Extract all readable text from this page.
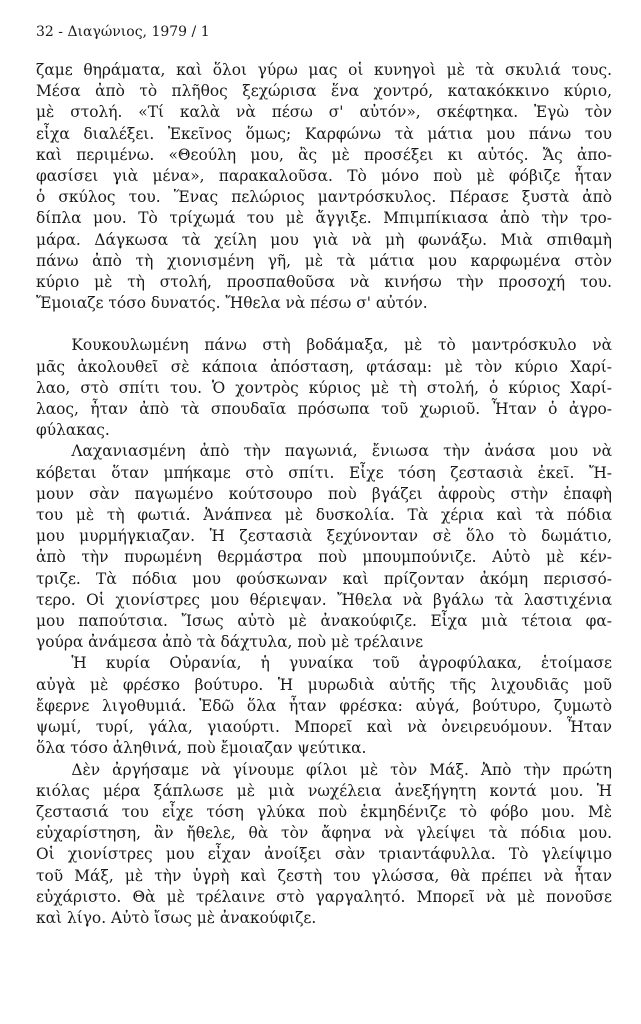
32 - Διαγώνιος, 1979 / 1
ζαμε θηράματα, καὶ ὅλοι γύρω μας οἱ κυνηγοὶ μὲ τὰ σκυλιά τους.
Μέσα ἀπὸ τὸ πλῆθος ξεχώρισα ἕνα χοντρό, κατακόκκινο κύριο,
μὲ στολή. «Τί καλὰ νὰ πέσω σ' αὐτόν», σκέφτηκα. Ἐγὼ τὸν
εἶχα διαλέξει. Ἐκεῖνος ὅμως; Καρφώνω τὰ μάτια μου πάνω του
καὶ περιμένω. «Θεούλη μου, ἂς μὲ προσέξει κι αὐτός. Ἄς ἀπο-
φασίσει γιὰ μένα», παρακαλοῦσα. Τὸ μόνο ποὺ μὲ φόβιζε ἦταν
ὁ σκύλος του. Ἕνας πελώριος μαντρόσκυλος. Πέρασε ξυστὰ ἀπὸ
δίπλα μου. Τὸ τρίχωμά του μὲ ἄγγιξε. Μπιμπίκιασα ἀπὸ τὴν τρο-
μάρα. Δάγκωσα τὰ χείλη μου γιὰ νὰ μὴ φωνάξω. Μιὰ σπιθαμὴ
πάνω ἀπὸ τὴ χιονισμένη γῆ, μὲ τὰ μάτια μου καρφωμένα στὸν
κύριο μὲ τὴ στολή, προσπαθοῦσα νὰ κινήσω τὴν προσοχή του.
Ἔμοιαζε τόσο δυνατός. Ἤθελα νὰ πέσω σ' αὐτόν.
Κουκουλωμένη πάνω στὴ βοδάμαξα, μὲ τὸ μαντρόσκυλο νὰ
μᾶς ἀκολουθεῖ σὲ κάποια ἀπόσταση, φτάσαμ: μὲ τὸν κύριο Χαρί-
λαο, στὸ σπίτι του. Ὁ χοντρὸς κύριος μὲ τὴ στολή, ὁ κύριος Χαρί-
λαος, ἦταν ἀπὸ τὰ σπουδαῖα πρόσωπα τοῦ χωριοῦ. Ἦταν ὁ ἀγρο-
φύλακας.
Λαχανιασμένη ἀπὸ τὴν παγωνιά, ἔνιωσα τὴν ἀνάσα μου νὰ
κόβεται ὅταν μπήκαμε στὸ σπίτι. Εἶχε τόση ζεστασιὰ ἐκεῖ. Ἤ-
μουν σὰν παγωμένο κούτσουρο ποὺ βγάζει ἀφροὺς στὴν ἐπαφὴ
του μὲ τὴ φωτιά. Ἀνάπνεα μὲ δυσκολία. Τὰ χέρια καὶ τὰ πόδια
μου μυρμήγκιαζαν. Ἡ ζεστασιὰ ξεχύνονταν σὲ ὅλο τὸ δωμάτιο,
ἀπὸ τὴν πυρωμένη θερμάστρα ποὺ μπουμπούνιζε. Αὐτὸ μὲ κέν-
τριζε. Τὰ πόδια μου φούσκωναν καὶ πρίζονταν ἀκόμη περισσό-
τερο. Οἱ χιονίστρες μου θέριεψαν. Ἤθελα νὰ βγάλω τὰ λαστιχένια
μου παπούτσια. Ἴσως αὐτὸ μὲ ἀνακούφιζε. Εἶχα μιὰ τέτοια φα-
γούρα ἀνάμεσα ἀπὸ τὰ δάχτυλα, ποὺ μὲ τρέλαινε
Ἡ κυρία Οὐρανία, ἡ γυναίκα τοῦ ἀγροφύλακα, ἑτοίμασε
αὐγὰ μὲ φρέσκο βούτυρο. Ἡ μυρωδιὰ αὐτῆς τῆς λιχουδιᾶς μοῦ
ἔφερνε λιγοθυμιά. Ἐδῶ ὅλα ἦταν φρέσκα: αὐγά, βούτυρο, ζυμωτὸ
ψωμί, τυρί, γάλα, γιαούρτι. Μπορεῖ καὶ νὰ ὀνειρευόμουν. Ἦταν
ὅλα τόσο ἀληθινά, ποὺ ἔμοιαζαν ψεύτικα.
Δὲν ἀργήσαμε νὰ γίνουμε φίλοι μὲ τὸν Μάξ. Ἀπὸ τὴν πρώτη
κιόλας μέρα ξάπλωσε μὲ μιὰ νωχέλεια ἀνεξήγητη κοντά μου. Ἡ
ζεστασιά του εἶχε τόση γλύκα ποὺ ἐκμηδένιζε τὸ φόβο μου. Μὲ
εὐχαρίστηση, ἂν ἤθελε, θὰ τὸν ἄφηνα νὰ γλείψει τὰ πόδια μου.
Οἱ χιονίστρες μου εἶχαν ἀνοίξει σὰν τριαντάφυλλα. Τὸ γλείψιμο
τοῦ Μάξ, μὲ τὴν ὑγρὴ καὶ ζεστὴ του γλώσσα, θὰ πρέπει νὰ ἦταν
εὐχάριστο. Θὰ μὲ τρέλαινε στὸ γαργαλητό. Μπορεῖ νὰ μὲ πονοῦσε
καὶ λίγο. Αὐτὸ ἴσως μὲ ἀνακούφιζε.
